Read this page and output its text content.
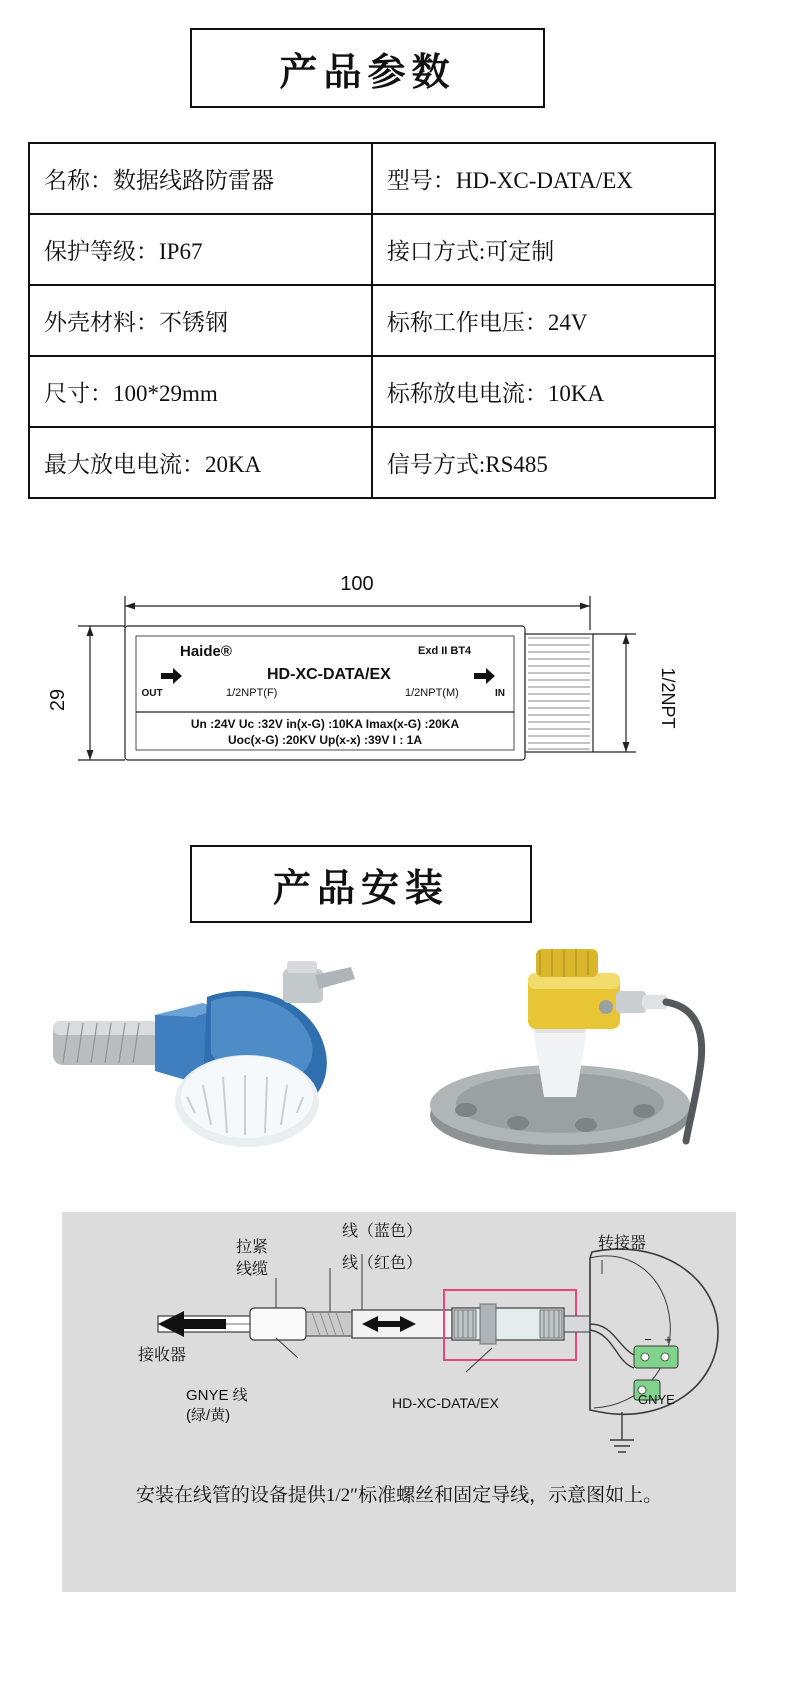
产品参数
名称：数据线路防雷器	型号：HD-XC-DATA/EX
保护等级：IP67	接口方式:可定制
外壳材料：不锈钢	标称工作电压：24V
尺寸：100*29mm	标称放电电流：10KA
最大放电电流：20KA	信号方式:RS485
100
29	1/2NPT
Haide®	Exd II BT4
HD-XC-DATA/EX
OUT	1/2NPT(F)	1/2NPT(M)	IN
Un :24V Uc :32V in(x-G) :10KA Imax(x-G) :20KA
Uoc(x-G) :20KV Up(x-x) :39V I : 1A
产品安装
拉紧
线缆
线（蓝色）
线（红色）
转接器
接收器
GNYE 线
(绿/黄)
HD-XC-DATA/EX	GNYE
− +
安装在线管的设备提供1/2″标准螺丝和固定导线，示意图如上。
